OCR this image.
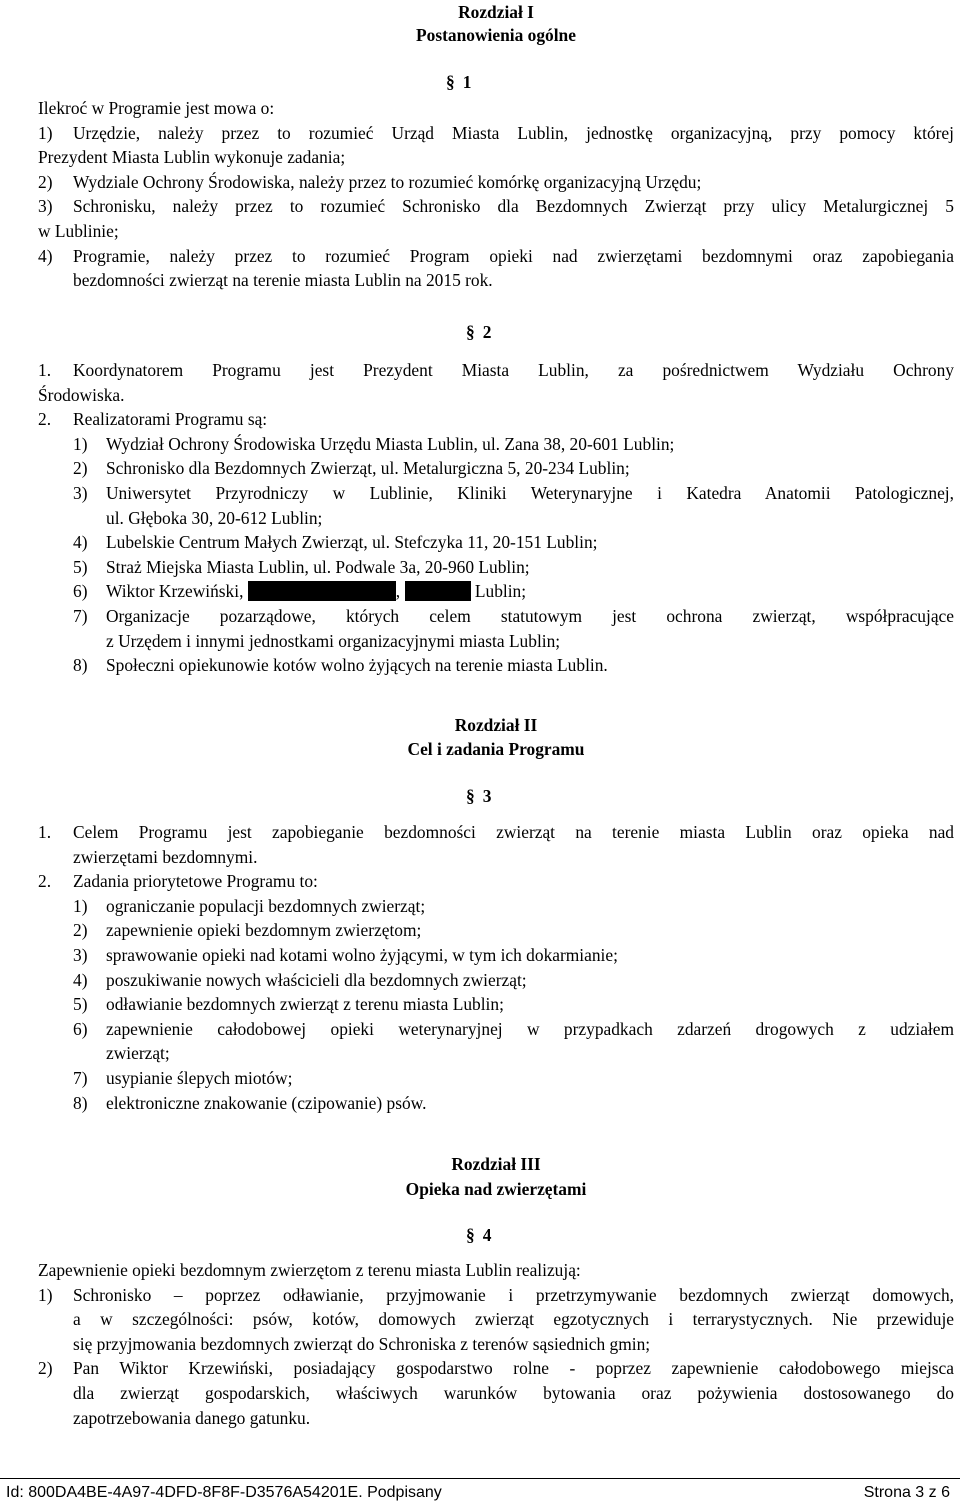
Rozdział I
Postanowienia ogólne
§ 1
Ilekroć w Programie jest mowa o:
1) Urzędzie, należy przez to rozumieć Urząd Miasta Lublin, jednostkę organizacyjną, przy pomocy której
Prezydent Miasta Lublin wykonuje zadania;
2) Wydziale Ochrony Środowiska, należy przez to rozumieć komórkę organizacyjną Urzędu;
3) Schronisku, należy przez to rozumieć Schronisko dla Bezdomnych Zwierząt przy ulicy Metalurgicznej 5
w Lublinie;
4) Programie, należy przez to rozumieć Program opieki nad zwierzętami bezdomnymi oraz zapobiegania
bezdomności zwierząt na terenie miasta Lublin na 2015 rok.
§ 2
1. Koordynatorem Programu jest Prezydent Miasta Lublin, za pośrednictwem Wydziału Ochrony
Środowiska.
2. Realizatorami Programu są:
1) Wydział Ochrony Środowiska Urzędu Miasta Lublin, ul. Zana 38, 20-601 Lublin;
2) Schronisko dla Bezdomnych Zwierząt, ul. Metalurgiczna 5, 20-234 Lublin;
3) Uniwersytet Przyrodniczy w Lublinie, Kliniki Weterynaryjne i Katedra Anatomii Patologicznej,
ul. Głęboka 30, 20-612 Lublin;
4) Lubelskie Centrum Małych Zwierząt, ul. Stefczyka 11, 20-151 Lublin;
5) Straż Miejska Miasta Lublin, ul. Podwale 3a, 20-960 Lublin;
6) Wiktor Krzewiński,	,	Lublin;
7) Organizacje pozarządowe, których celem statutowym jest ochrona zwierząt, współpracujące
z Urzędem i innymi jednostkami organizacyjnymi miasta Lublin;
8) Społeczni opiekunowie kotów wolno żyjących na terenie miasta Lublin.
Rozdział II
Cel i zadania Programu
§ 3
1. Celem Programu jest zapobieganie bezdomności zwierząt na terenie miasta Lublin oraz opieka nad
zwierzętami bezdomnymi.
2. Zadania priorytetowe Programu to:
1) ograniczanie populacji bezdomnych zwierząt;
2) zapewnienie opieki bezdomnym zwierzętom;
3) sprawowanie opieki nad kotami wolno żyjącymi, w tym ich dokarmianie;
4) poszukiwanie nowych właścicieli dla bezdomnych zwierząt;
5) odławianie bezdomnych zwierząt z terenu miasta Lublin;
6) zapewnienie całodobowej opieki weterynaryjnej w przypadkach zdarzeń drogowych z udziałem
zwierząt;
7) usypianie ślepych miotów;
8) elektroniczne znakowanie (czipowanie) psów.
Rozdział III
Opieka nad zwierzętami
§ 4
Zapewnienie opieki bezdomnym zwierzętom z terenu miasta Lublin realizują:
1) Schronisko – poprzez odławianie, przyjmowanie i przetrzymywanie bezdomnych zwierząt domowych,
a w szczególności: psów, kotów, domowych zwierząt egzotycznych i terrarystycznych. Nie przewiduje
się przyjmowania bezdomnych zwierząt do Schroniska z terenów sąsiednich gmin;
2) Pan Wiktor Krzewiński, posiadający gospodarstwo rolne - poprzez zapewnienie całodobowego miejsca
dla zwierząt gospodarskich, właściwych warunków bytowania oraz pożywienia dostosowanego do
zapotrzebowania danego gatunku.
Id: 800DA4BE-4A97-4DFD-8F8F-D3576A54201E. Podpisany	Strona 3 z 6
